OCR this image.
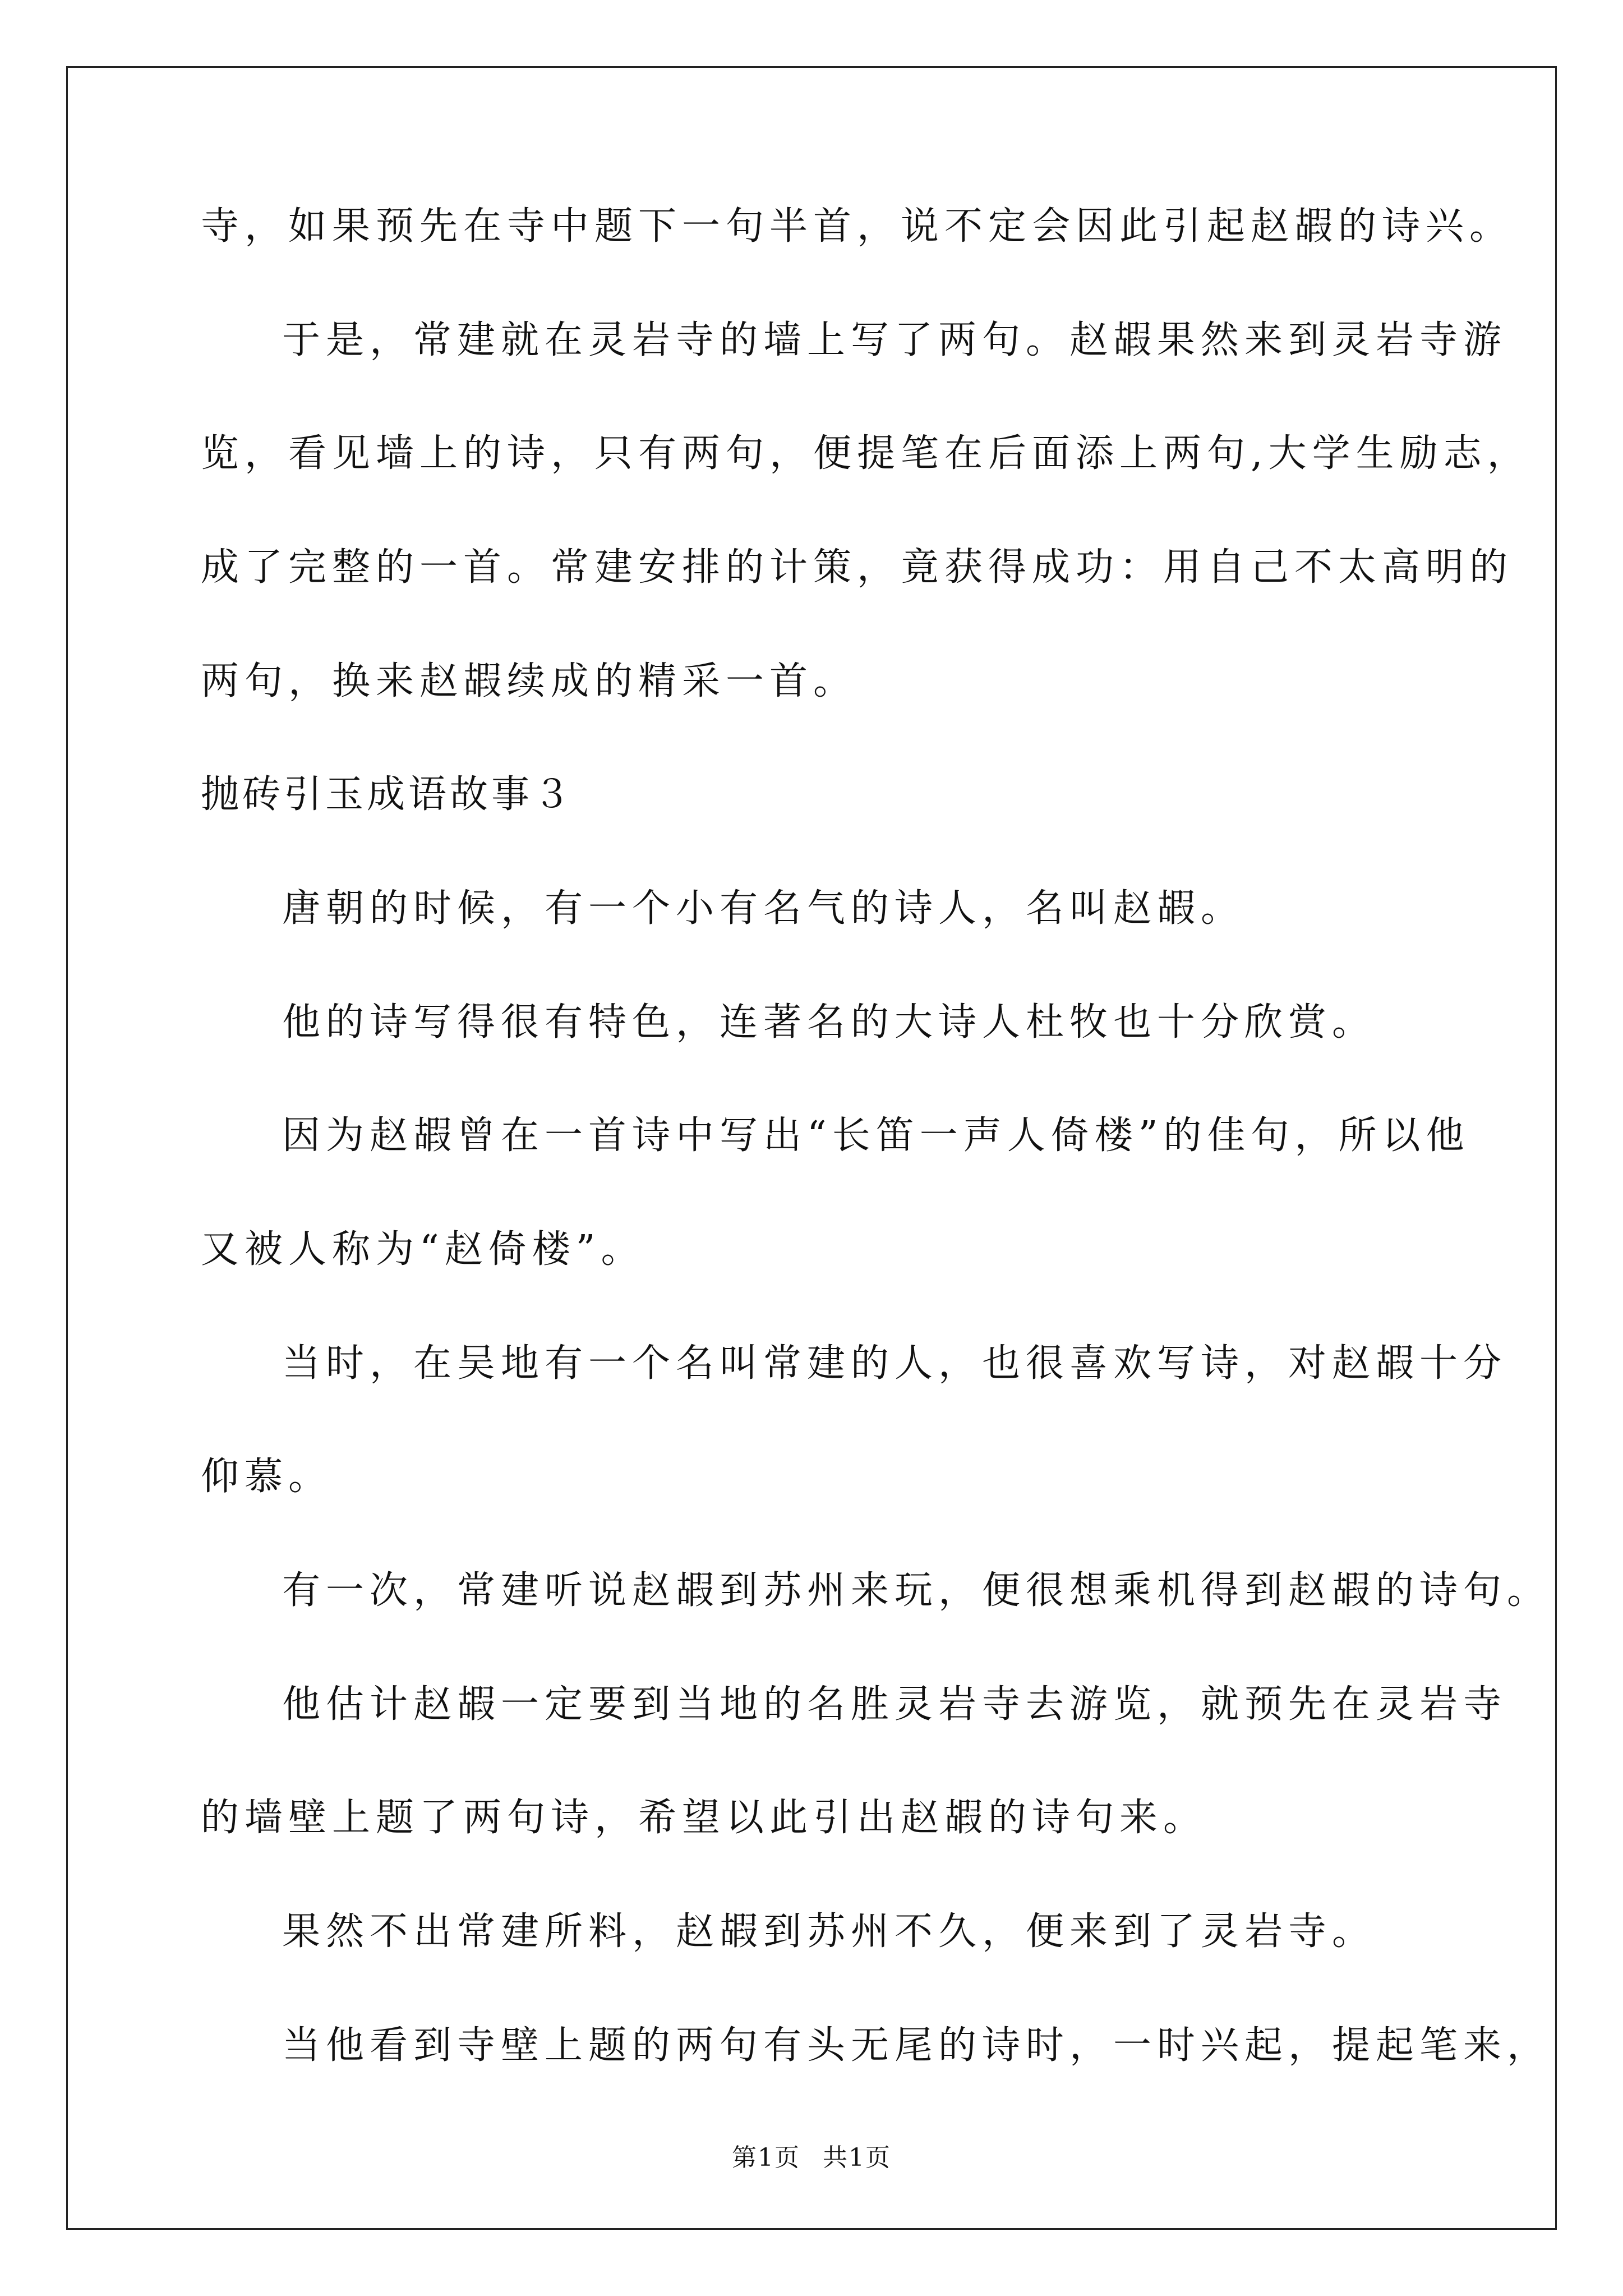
寺，如果预先在寺中题下一句半首，说不定会因此引起赵嘏的诗兴。
于是，常建就在灵岩寺的墙上写了两句。赵嘏果然来到灵岩寺游
览，看见墙上的诗，只有两句，便提笔在后面添上两句,大学生励志，
成了完整的一首。常建安排的计策，竟获得成功：用自己不太高明的
两句，换来赵嘏续成的精采一首。
抛砖引玉成语故事３
唐朝的时候，有一个小有名气的诗人，名叫赵嘏。
他的诗写得很有特色，连著名的大诗人杜牧也十分欣赏。
因为赵嘏曾在一首诗中写出“长笛一声人倚楼”的佳句，所以他
又被人称为“赵倚楼”。
当时，在吴地有一个名叫常建的人，也很喜欢写诗，对赵嘏十分
仰慕。
有一次，常建听说赵嘏到苏州来玩，便很想乘机得到赵嘏的诗句。
他估计赵嘏一定要到当地的名胜灵岩寺去游览，就预先在灵岩寺
的墙壁上题了两句诗，希望以此引出赵嘏的诗句来。
果然不出常建所料，赵嘏到苏州不久，便来到了灵岩寺。
当他看到寺壁上题的两句有头无尾的诗时，一时兴起，提起笔来，
第1页 共1页
